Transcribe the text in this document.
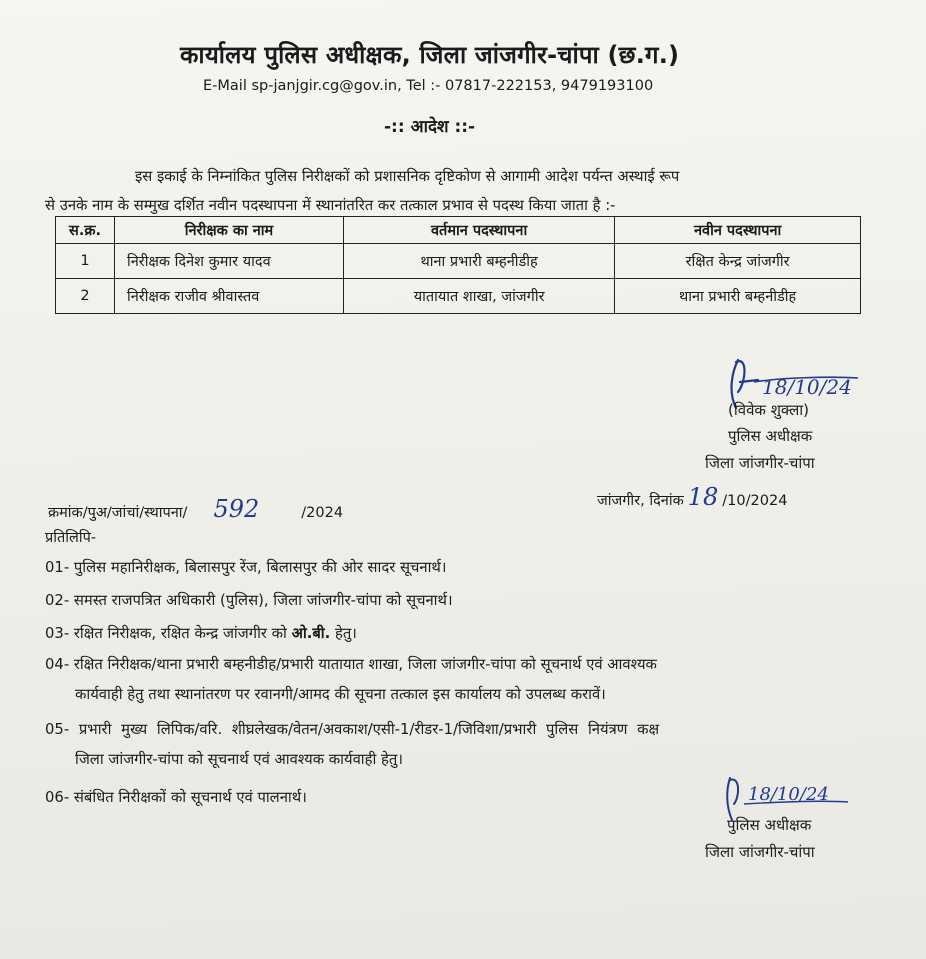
कार्यालय पुलिस अधीक्षक, जिला जांजगीर-चांपा (छ.ग.)
E-Mail sp-janjgir.cg@gov.in, Tel :- 07817-222153, 9479193100
-:: आदेश ::-
इस इकाई के निम्नांकित पुलिस निरीक्षकों को प्रशासनिक दृष्टिकोण से आगामी आदेश पर्यन्त अस्थाई रूप
से उनके नाम के सम्मुख दर्शित नवीन पदस्थापना में स्थानांतरित कर तत्काल प्रभाव से पदस्थ किया जाता है :-
स.क्र.	निरीक्षक का नाम	वर्तमान पदस्थापना	नवीन पदस्थापना
1	निरीक्षक दिनेश कुमार यादव	थाना प्रभारी बम्हनीडीह	रक्षित केन्द्र जांजगीर
2	निरीक्षक राजीव श्रीवास्तव	यातायात शाखा, जांजगीर	थाना प्रभारी बम्हनीडीह
18/10/24
(विवेक शुक्ला)
पुलिस अधीक्षक
जिला जांजगीर-चांपा
क्रमांक/पुअ/जांचां/स्थापना/ 592	/2024
जांजगीर, दिनांक 18 /10/2024
प्रतिलिपि-
01- पुलिस महानिरीक्षक, बिलासपुर रेंज, बिलासपुर की ओर सादर सूचनार्थ।
02- समस्त राजपत्रित अधिकारी (पुलिस), जिला जांजगीर-चांपा को सूचनार्थ।
03- रक्षित निरीक्षक, रक्षित केन्द्र जांजगीर को ओ.बी. हेतु।
04- रक्षित निरीक्षक/थाना प्रभारी बम्हनीडीह/प्रभारी यातायात शाखा, जिला जांजगीर-चांपा को सूचनार्थ एवं आवश्यक
कार्यवाही हेतु तथा स्थानांतरण पर रवानगी/आमद की सूचना तत्काल इस कार्यालय को उपलब्ध करावें।
05- प्रभारी मुख्य लिपिक/वरि. शीघ्रलेखक/वेतन/अवकाश/एसी-1/रीडर-1/जिविशा/प्रभारी पुलिस नियंत्रण कक्ष
जिला जांजगीर-चांपा को सूचनार्थ एवं आवश्यक कार्यवाही हेतु।
06- संबंधित निरीक्षकों को सूचनार्थ एवं पालनार्थ।	18/10/24
पुलिस अधीक्षक
जिला जांजगीर-चांपा
